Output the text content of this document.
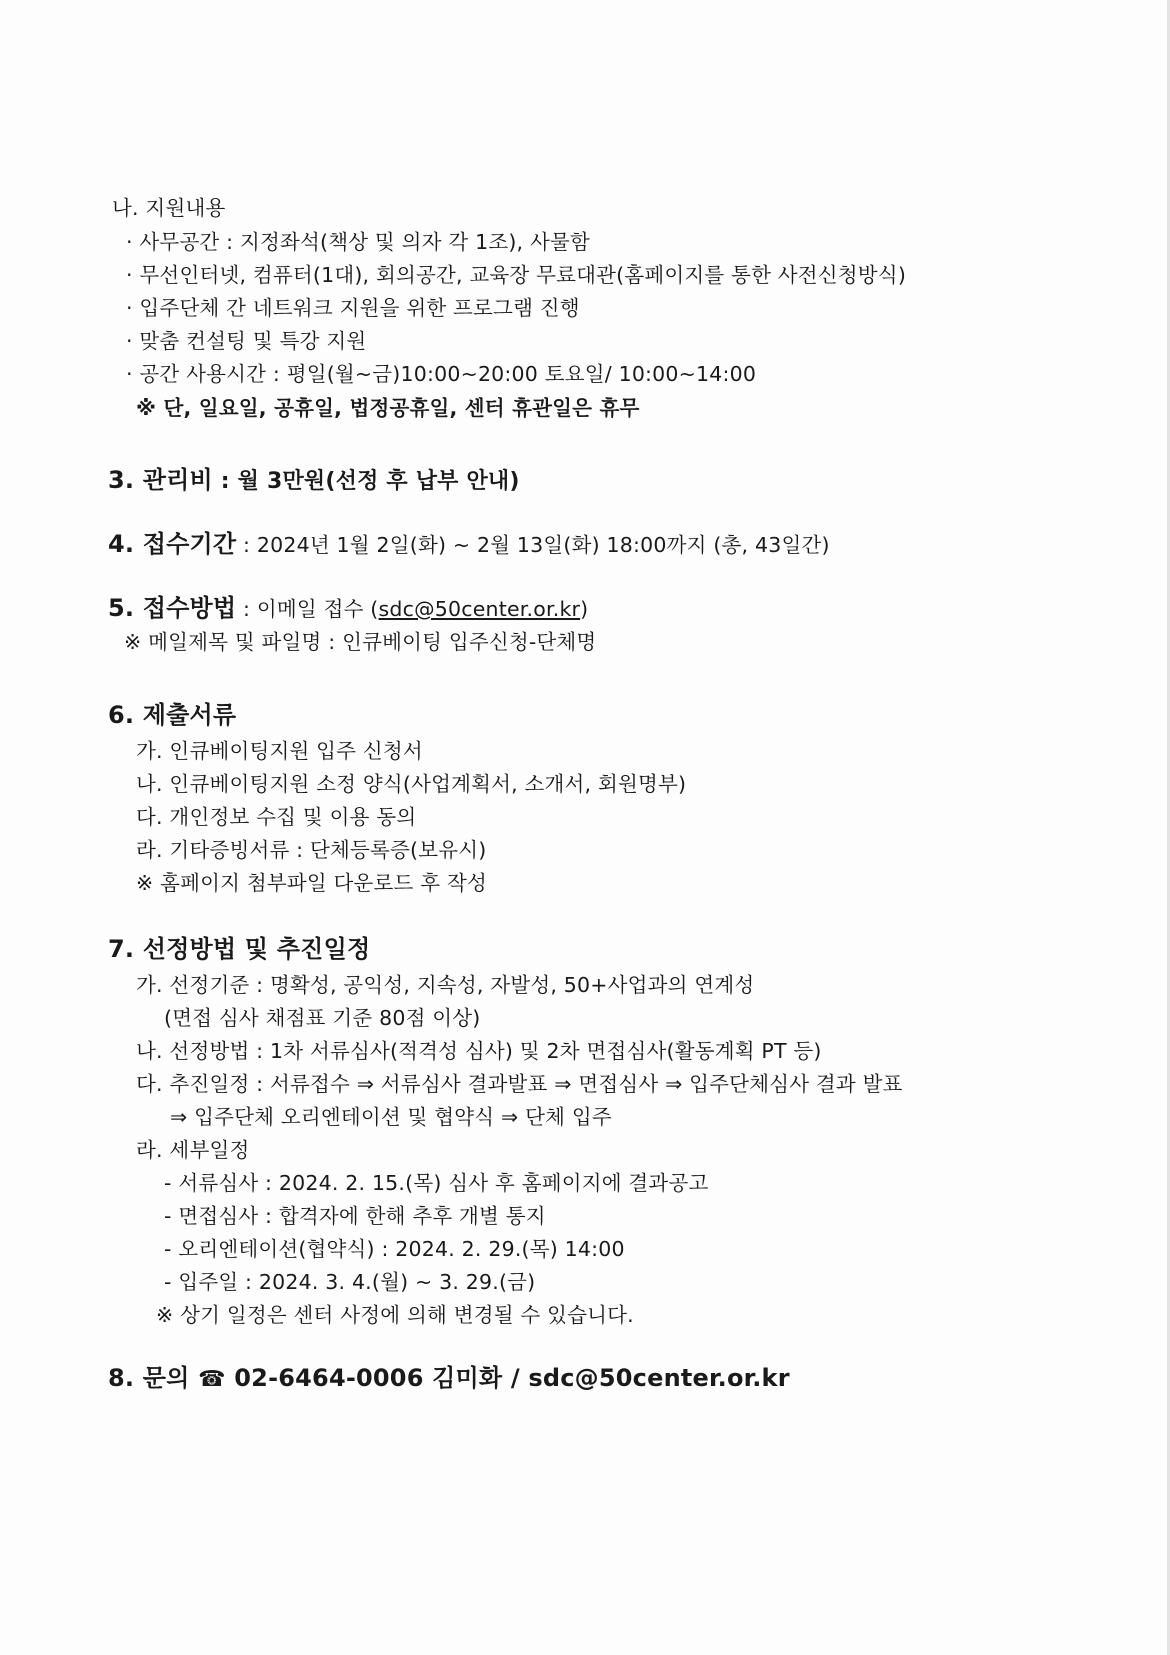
나. 지원내용
· 사무공간 : 지정좌석(책상 및 의자 각 1조), 사물함
· 무선인터넷, 컴퓨터(1대), 회의공간, 교육장 무료대관(홈페이지를 통한 사전신청방식)
· 입주단체 간 네트워크 지원을 위한 프로그램 진행
· 맞춤 컨설팅 및 특강 지원
· 공간 사용시간 : 평일(월~금)10:00~20:00 토요일/ 10:00~14:00
※ 단, 일요일, 공휴일, 법정공휴일, 센터 휴관일은 휴무
3. 관리비 : 월 3만원(선정 후 납부 안내)
4. 접수기간 : 2024년 1월 2일(화) ~ 2월 13일(화) 18:00까지 (총, 43일간)
5. 접수방법 : 이메일 접수 (sdc@50center.or.kr)
※ 메일제목 및 파일명 : 인큐베이팅 입주신청-단체명
6. 제출서류
가. 인큐베이팅지원 입주 신청서
나. 인큐베이팅지원 소정 양식(사업계획서, 소개서, 회원명부)
다. 개인정보 수집 및 이용 동의
라. 기타증빙서류 : 단체등록증(보유시)
※ 홈페이지 첨부파일 다운로드 후 작성
7. 선정방법 및 추진일정
가. 선정기준 : 명확성, 공익성, 지속성, 자발성, 50+사업과의 연계성
(면접 심사 채점표 기준 80점 이상)
나. 선정방법 : 1차 서류심사(적격성 심사) 및 2차 면접심사(활동계획 PT 등)
다. 추진일정 : 서류접수 ⇒ 서류심사 결과발표 ⇒ 면접심사 ⇒ 입주단체심사 결과 발표
⇒ 입주단체 오리엔테이션 및 협약식 ⇒ 단체 입주
라. 세부일정
- 서류심사 : 2024. 2. 15.(목) 심사 후 홈페이지에 결과공고
- 면접심사 : 합격자에 한해 추후 개별 통지
- 오리엔테이션(협약식) : 2024. 2. 29.(목) 14:00
- 입주일 : 2024. 3. 4.(월) ~ 3. 29.(금)
※ 상기 일정은 센터 사정에 의해 변경될 수 있습니다.
8. 문의 ☎ 02-6464-0006 김미화 / sdc@50center.or.kr
